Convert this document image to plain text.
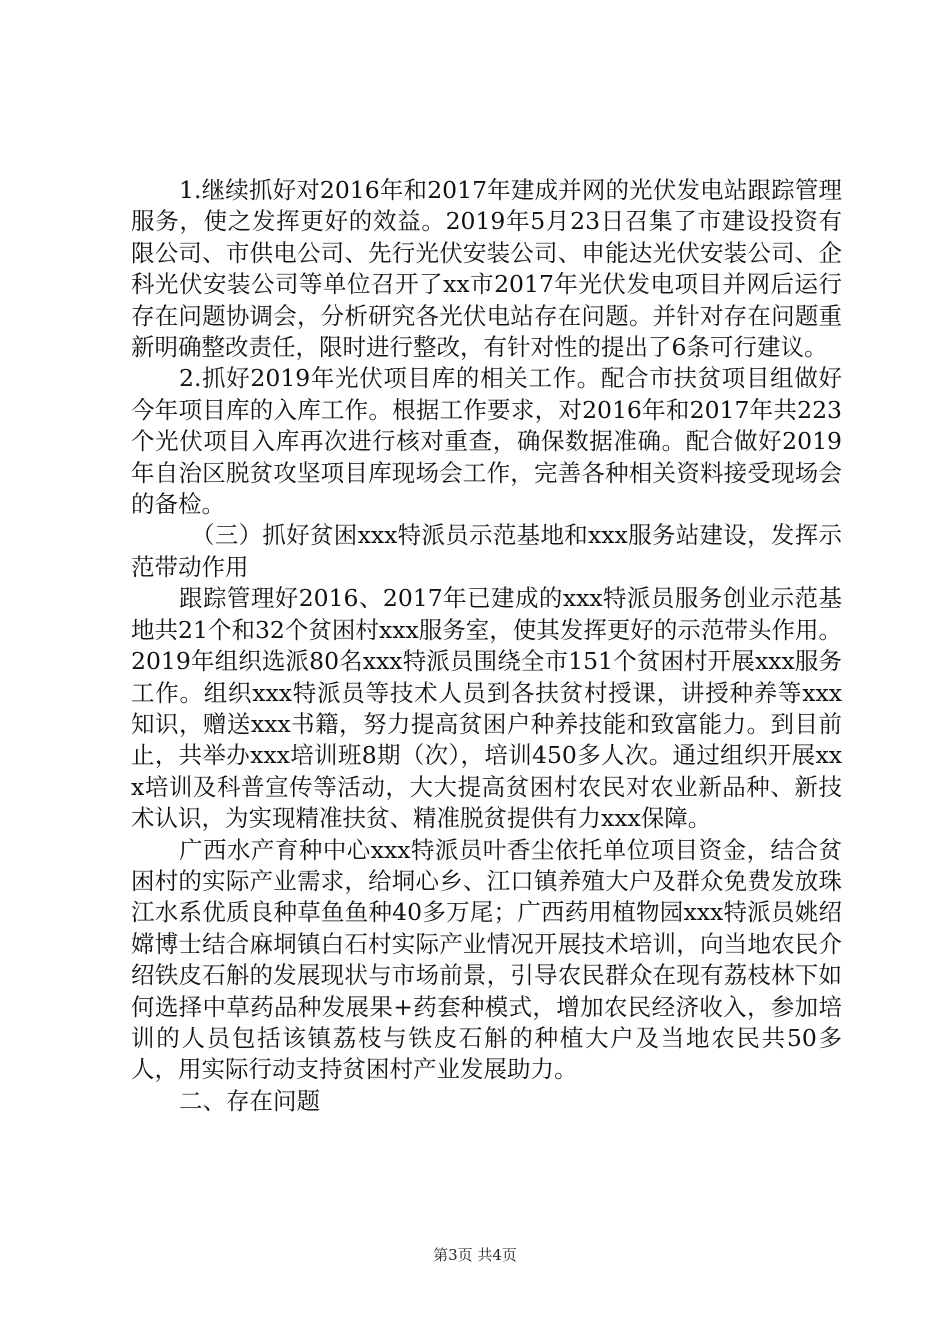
1.继续抓好对2016年和2017年建成并网的光伏发电站跟踪管理服务，使之发挥更好的效益。2019年5月23日召集了市建设投资有限公司、市供电公司、先行光伏安装公司、申能达光伏安装公司、企科光伏安装公司等单位召开了xx市2017年光伏发电项目并网后运行存在问题协调会，分析研究各光伏电站存在问题。并针对存在问题重新明确整改责任，限时进行整改，有针对性的提出了6条可行建议。

2.抓好2019年光伏项目库的相关工作。配合市扶贫项目组做好今年项目库的入库工作。根据工作要求，对2016年和2017年共223个光伏项目入库再次进行核对重查，确保数据准确。配合做好2019年自治区脱贫攻坚项目库现场会工作，完善各种相关资料接受现场会的备检。

（三）抓好贫困xxx特派员示范基地和xxx服务站建设，发挥示范带动作用

跟踪管理好2016、2017年已建成的xxx特派员服务创业示范基地共21个和32个贫困村xxx服务室，使其发挥更好的示范带头作用。2019年组织选派80名xxx特派员围绕全市151个贫困村开展xxx服务工作。组织xxx特派员等技术人员到各扶贫村授课，讲授种养等xxx知识，赠送xxx书籍，努力提高贫困户种养技能和致富能力。到目前止，共举办xxx培训班8期（次），培训450多人次。通过组织开展xxx培训及科普宣传等活动，大大提高贫困村农民对农业新品种、新技术认识，为实现精准扶贫、精准脱贫提供有力xxx保障。

广西水产育种中心xxx特派员叶香尘依托单位项目资金，结合贫困村的实际产业需求，给垌心乡、江口镇养殖大户及群众免费发放珠江水系优质良种草鱼鱼种40多万尾；广西药用植物园xxx特派员姚绍嫦博士结合麻垌镇白石村实际产业情况开展技术培训，向当地农民介绍铁皮石斛的发展现状与市场前景，引导农民群众在现有荔枝林下如何选择中草药品种发展果+药套种模式，增加农民经济收入，参加培训的人员包括该镇荔枝与铁皮石斛的种植大户及当地农民共50多人，用实际行动支持贫困村产业发展助力。

二、存在问题

第3页 共4页
